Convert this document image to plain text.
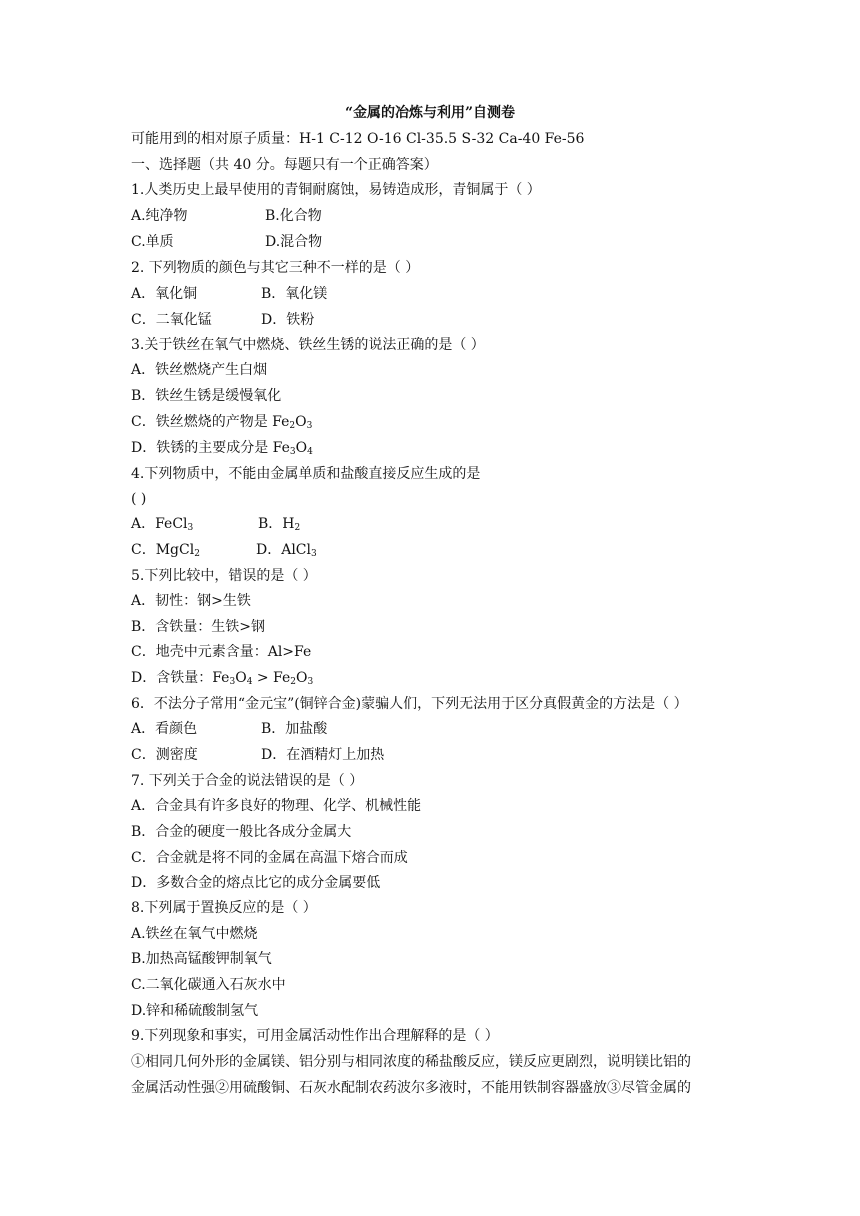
“金属的冶炼与利用”自测卷
可能用到的相对原子质量：H-1 C-12 O-16 Cl-35.5 S-32 Ca-40 Fe-56
一、选择题（共 40 分。每题只有一个正确答案）
1.人类历史上最早使用的青铜耐腐蚀，易铸造成形，青铜属于（ ）
A.纯净物	B.化合物
C.单质	D.混合物
2. 下列物质的颜色与其它三种不一样的是（ ）
A．氧化铜	B．氧化镁
C．二氧化锰	D．铁粉
3.关于铁丝在氧气中燃烧、铁丝生锈的说法正确的是（ ）
A．铁丝燃烧产生白烟
B．铁丝生锈是缓慢氧化
C．铁丝燃烧的产物是 $Fe_2O_3$
D．铁锈的主要成分是 $Fe_3O_4$
4.下列物质中，不能由金属单质和盐酸直接反应生成的是
( )
A．FeCl$_3$	B．$H_2$
C．MgCl$_2$	D．AlCl$_3$
5.下列比较中，错误的是（ ）
A．韧性：钢>生铁
B．含铁量：生铁>钢
C．地壳中元素含量：Al>Fe
D．含铁量：$Fe_3O_4 > Fe_2O_3$
6．不法分子常用“金元宝”(铜锌合金)蒙骗人们，下列无法用于区分真假黄金的方法是（ ）
A．看颜色	B．加盐酸
C．测密度	D．在酒精灯上加热
7. 下列关于合金的说法错误的是（ ）
A．合金具有许多良好的物理、化学、机械性能
B．合金的硬度一般比各成分金属大
C．合金就是将不同的金属在高温下熔合而成
D．多数合金的熔点比它的成分金属要低
8.下列属于置换反应的是（ ）
A.铁丝在氧气中燃烧
B.加热高锰酸钾制氧气
C.二氧化碳通入石灰水中
D.锌和稀硫酸制氢气
9.下列现象和事实，可用金属活动性作出合理解释的是（ ）
①相同几何外形的金属镁、铝分别与相同浓度的稀盐酸反应，镁反应更剧烈，说明镁比铝的
金属活动性强②用硫酸铜、石灰水配制农药波尔多液时，不能用铁制容器盛放③尽管金属的
